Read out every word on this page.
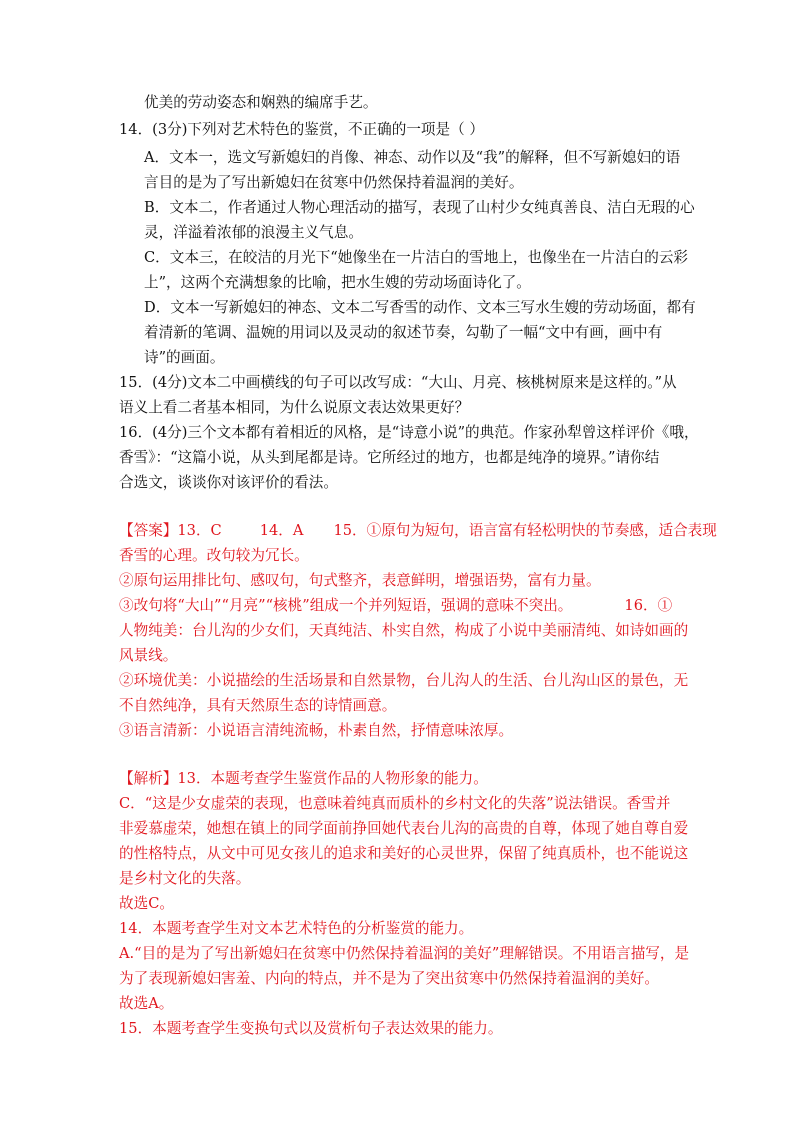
优美的劳动姿态和娴熟的编席手艺。
14．(3分)下列对艺术特色的鉴赏，不正确的一项是（ ）
A．文本一，选文写新媳妇的肖像、神态、动作以及“我”的解释，但不写新媳妇的语
言目的是为了写出新媳妇在贫寒中仍然保持着温润的美好。
B．文本二，作者通过人物心理活动的描写，表现了山村少女纯真善良、洁白无瑕的心
灵，洋溢着浓郁的浪漫主义气息。
C．文本三，在皎洁的月光下“她像坐在一片洁白的雪地上，也像坐在一片洁白的云彩
上”，这两个充满想象的比喻，把水生嫂的劳动场面诗化了。
D．文本一写新媳妇的神态、文本二写香雪的动作、文本三写水生嫂的劳动场面，都有
着清新的笔调、温婉的用词以及灵动的叙述节奏，勾勒了一幅“文中有画，画中有
诗”的画面。
15．(4分)文本二中画横线的句子可以改写成：“大山、月亮、核桃树原来是这样的。”从
语义上看二者基本相同，为什么说原文表达效果更好？
16．(4分)三个文本都有着相近的风格，是“诗意小说”的典范。作家孙犁曾这样评价《哦，
香雪》：“这篇小说，从头到尾都是诗。它所经过的地方，也都是纯净的境界。”请你结
合选文，谈谈你对该评价的看法。
【答案】13．C	14．A 15．①原句为短句，语言富有轻松明快的节奏感，适合表现
香雪的心理。改句较为冗长。
②原句运用排比句、感叹句，句式整齐，表意鲜明，增强语势，富有力量。
③改句将“大山”“月亮”“核桃”组成一个并列短语，强调的意味不突出。	16．①
人物纯美：台儿沟的少女们，天真纯洁、朴实自然，构成了小说中美丽清纯、如诗如画的
风景线。
②环境优美：小说描绘的生活场景和自然景物，台儿沟人的生活、台儿沟山区的景色，无
不自然纯净，具有天然原生态的诗情画意。
③语言清新：小说语言清纯流畅，朴素自然，抒情意味浓厚。
【解析】13．本题考查学生鉴赏作品的人物形象的能力。
C．“这是少女虚荣的表现，也意味着纯真而质朴的乡村文化的失落”说法错误。香雪并
非爱慕虚荣，她想在镇上的同学面前挣回她代表台儿沟的高贵的自尊，体现了她自尊自爱
的性格特点，从文中可见女孩儿的追求和美好的心灵世界，保留了纯真质朴，也不能说这
是乡村文化的失落。
故选C。
14．本题考查学生对文本艺术特色的分析鉴赏的能力。
A.“目的是为了写出新媳妇在贫寒中仍然保持着温润的美好”理解错误。不用语言描写，是
为了表现新媳妇害羞、内向的特点，并不是为了突出贫寒中仍然保持着温润的美好。
故选A。
15．本题考查学生变换句式以及赏析句子表达效果的能力。
